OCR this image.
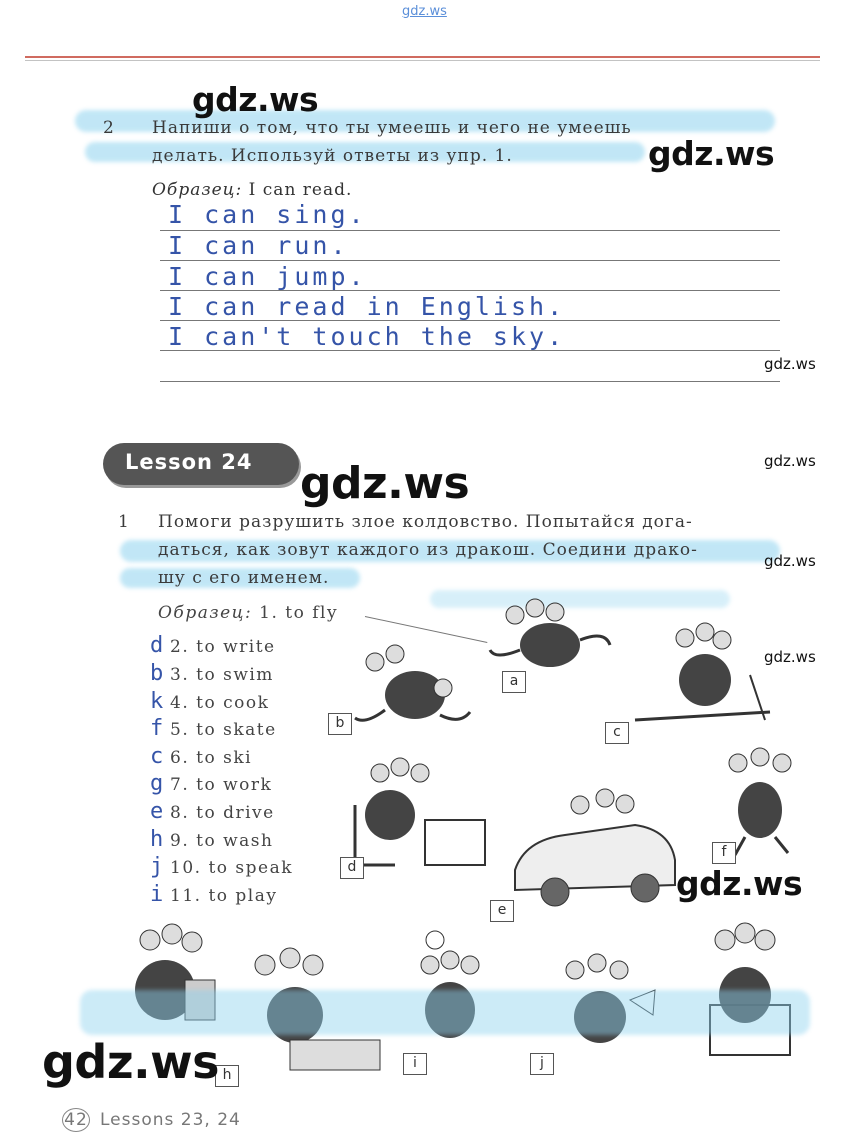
gdz.ws
gdz.ws
gdz.ws
2 Напиши о том, что ты умеешь и чего не умеешь
делать. Используй ответы из упр. 1.
Образец: I can read.
I can sing.
I can run.
I can jump.
I can read in English.
I can't touch the sky.
gdz.ws
Lesson 24	gdz.ws
gdz.ws
1 Помоги разрушить злое колдовство. Попытайся дога-
даться, как зовут каждого из дракош. Соедини драко-
шу с его именем.
gdz.ws
Образец: 1. to fly
d 2. to write
b 3. to swim
k 4. to cook
f 5. to skate
c 6. to ski
g 7. to work
e 8. to drive
h 9. to wash
j 10. to speak
i 11. to play
a
b
c
d
e
f
h
i	j
gdz.ws
gdz.ws
gdz.ws
42 Lessons 23, 24
